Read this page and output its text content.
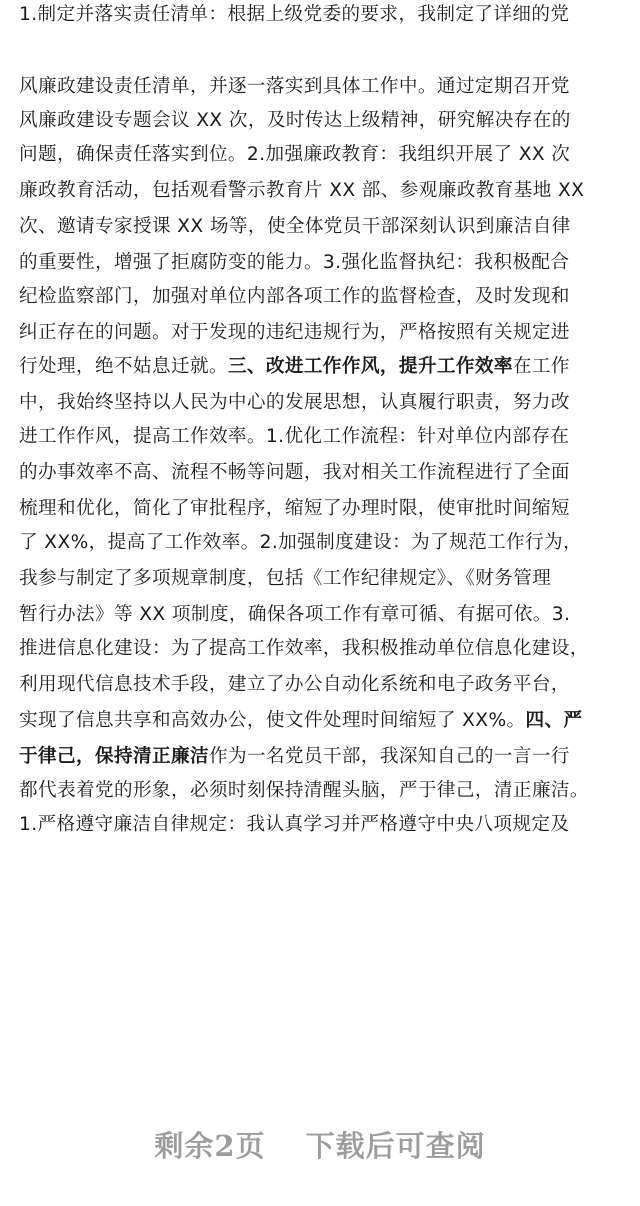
1.制定并落实责任清单：根据上级党委的要求，我制定了详细的党
风廉政建设责任清单，并逐一落实到具体工作中。通过定期召开党
风廉政建设专题会议 XX 次，及时传达上级精神，研究解决存在的
问题，确保责任落实到位。2.加强廉政教育：我组织开展了 XX 次
廉政教育活动，包括观看警示教育片 XX 部、参观廉政教育基地 XX
次、邀请专家授课 XX 场等，使全体党员干部深刻认识到廉洁自律
的重要性，增强了拒腐防变的能力。3.强化监督执纪：我积极配合
纪检监察部门，加强对单位内部各项工作的监督检查，及时发现和
纠正存在的问题。对于发现的违纪违规行为，严格按照有关规定进
行处理，绝不姑息迁就。三、改进工作作风，提升工作效率在工作
中，我始终坚持以人民为中心的发展思想，认真履行职责，努力改
进工作作风，提高工作效率。1.优化工作流程：针对单位内部存在
的办事效率不高、流程不畅等问题，我对相关工作流程进行了全面
梳理和优化，简化了审批程序，缩短了办理时限，使审批时间缩短
了 XX%，提高了工作效率。2.加强制度建设：为了规范工作行为，
我参与制定了多项规章制度，包括《工作纪律规定》、《财务管理
暂行办法》等 XX 项制度，确保各项工作有章可循、有据可依。3.
推进信息化建设：为了提高工作效率，我积极推动单位信息化建设，
利用现代信息技术手段，建立了办公自动化系统和电子政务平台，
实现了信息共享和高效办公，使文件处理时间缩短了 XX%。四、严
于律己，保持清正廉洁作为一名党员干部，我深知自己的一言一行
都代表着党的形象，必须时刻保持清醒头脑，严于律己，清正廉洁。
1.严格遵守廉洁自律规定：我认真学习并严格遵守中央八项规定及
剩余2页 下载后可查阅
